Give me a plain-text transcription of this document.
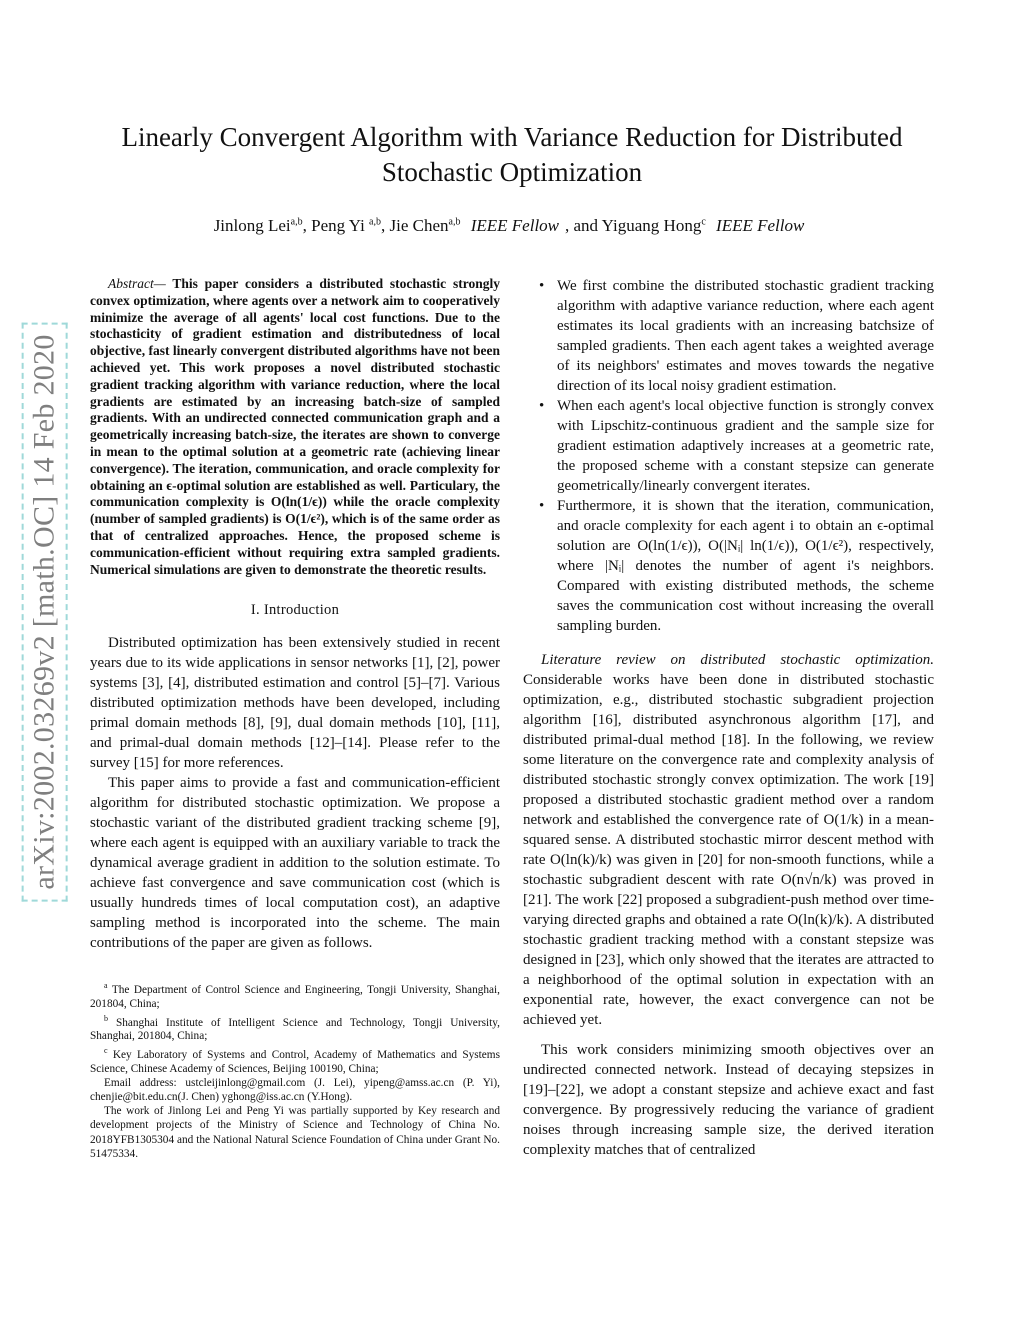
arXiv:2002.03269v2 [math.OC] 14 Feb 2020
Linearly Convergent Algorithm with Variance Reduction for Distributed
Stochastic Optimization
Jinlong Lei$^{a,b}$, Peng Yi $^{a,b}$, Jie Chen$^{a,b}$ IEEE Fellow , and Yiguang Hong$^c$ IEEE Fellow

Abstract— This paper considers a distributed stochastic strongly convex optimization, where agents over a network aim to cooperatively minimize the average of all agents' local cost functions. Due to the stochasticity of gradient estimation and distributedness of local objective, fast linearly convergent distributed algorithms have not been achieved yet. This work proposes a novel distributed stochastic gradient tracking algorithm with variance reduction, where the local gradients are estimated by an increasing batch-size of sampled gradients. With an undirected connected communication graph and a geometrically increasing batch-size, the iterates are shown to converge in mean to the optimal solution at a geometric rate (achieving linear convergence). The iteration, communication, and oracle complexity for obtaining an ϵ-optimal solution are established as well. Particulary, the communication complexity is O(ln(1/ϵ)) while the oracle complexity (number of sampled gradients) is O(1/ϵ²), which is of the same order as that of centralized approaches. Hence, the proposed scheme is communication-efficient without requiring extra sampled gradients. Numerical simulations are given to demonstrate the theoretic results.

I. Introduction

Distributed optimization has been extensively studied in recent years due to its wide applications in sensor networks [1], [2], power systems [3], [4], distributed estimation and control [5]–[7]. Various distributed optimization methods have been developed, including primal domain methods [8], [9], dual domain methods [10], [11], and primal-dual domain methods [12]–[14]. Please refer to the survey [15] for more references.

This paper aims to provide a fast and communication-efficient algorithm for distributed stochastic optimization. We propose a stochastic variant of the distributed gradient tracking scheme [9], where each agent is equipped with an auxiliary variable to track the dynamical average gradient in addition to the solution estimate. To achieve fast convergence and save communication cost (which is usually hundreds times of local computation cost), an adaptive sampling method is incorporated into the scheme. The main contributions of the paper are given as follows.

$^a$ The Department of Control Science and Engineering, Tongji University, Shanghai, 201804, China;

$^b$ Shanghai Institute of Intelligent Science and Technology, Tongji University, Shanghai, 201804, China;

$^c$ Key Laboratory of Systems and Control, Academy of Mathematics and Systems Science, Chinese Academy of Sciences, Beijing 100190, China;

Email address: ustcleijinlong@gmail.com (J. Lei), yipeng@amss.ac.cn (P. Yi), chenjie@bit.edu.cn(J. Chen) yghong@iss.ac.cn (Y.Hong).

The work of Jinlong Lei and Peng Yi was partially supported by Key research and development projects of the Ministry of Science and Technology of China No. 2018YFB1305304 and the National Natural Science Foundation of China under Grant No. 51475334.

• We first combine the distributed stochastic gradient tracking algorithm with adaptive variance reduction, where each agent estimates its local gradients with an increasing batchsize of sampled gradients. Then each agent takes a weighted average of its neighbors' estimates and moves towards the negative direction of its local noisy gradient estimation.
• When each agent's local objective function is strongly convex with Lipschitz-continuous gradient and the sample size for gradient estimation adaptively increases at a geometric rate, the proposed scheme with a constant stepsize can generate geometrically/linearly convergent iterates.
• Furthermore, it is shown that the iteration, communication, and oracle complexity for each agent i to obtain an ϵ-optimal solution are O(ln(1/ϵ)), O(|Nᵢ| ln(1/ϵ)), O(1/ϵ²), respectively, where |Nᵢ| denotes the number of agent i's neighbors. Compared with existing distributed methods, the scheme saves the communication cost without increasing the overall sampling burden.

Literature review on distributed stochastic optimization. Considerable works have been done in distributed stochastic optimization, e.g., distributed stochastic subgradient projection algorithm [16], distributed asynchronous algorithm [17], and distributed primal-dual method [18]. In the following, we review some literature on the convergence rate and complexity analysis of distributed stochastic strongly convex optimization. The work [19] proposed a distributed stochastic gradient method over a random network and established the convergence rate of O(1/k) in a mean-squared sense. A distributed stochastic mirror descent method with rate O(ln(k)/k) was given in [20] for non-smooth functions, while a stochastic subgradient descent with rate O(n√n/k) was proved in [21]. The work [22] proposed a subgradient-push method over time-varying directed graphs and obtained a rate O(ln(k)/k). A distributed stochastic gradient tracking method with a constant stepsize was designed in [23], which only showed that the iterates are attracted to a neighborhood of the optimal solution in expectation with an exponential rate, however, the exact convergence can not be achieved yet.

This work considers minimizing smooth objectives over an undirected connected network. Instead of decaying stepsizes in [19]–[22], we adopt a constant stepsize and achieve exact and fast convergence. By progressively reducing the variance of gradient noises through increasing sample size, the derived iteration complexity matches that of centralized
